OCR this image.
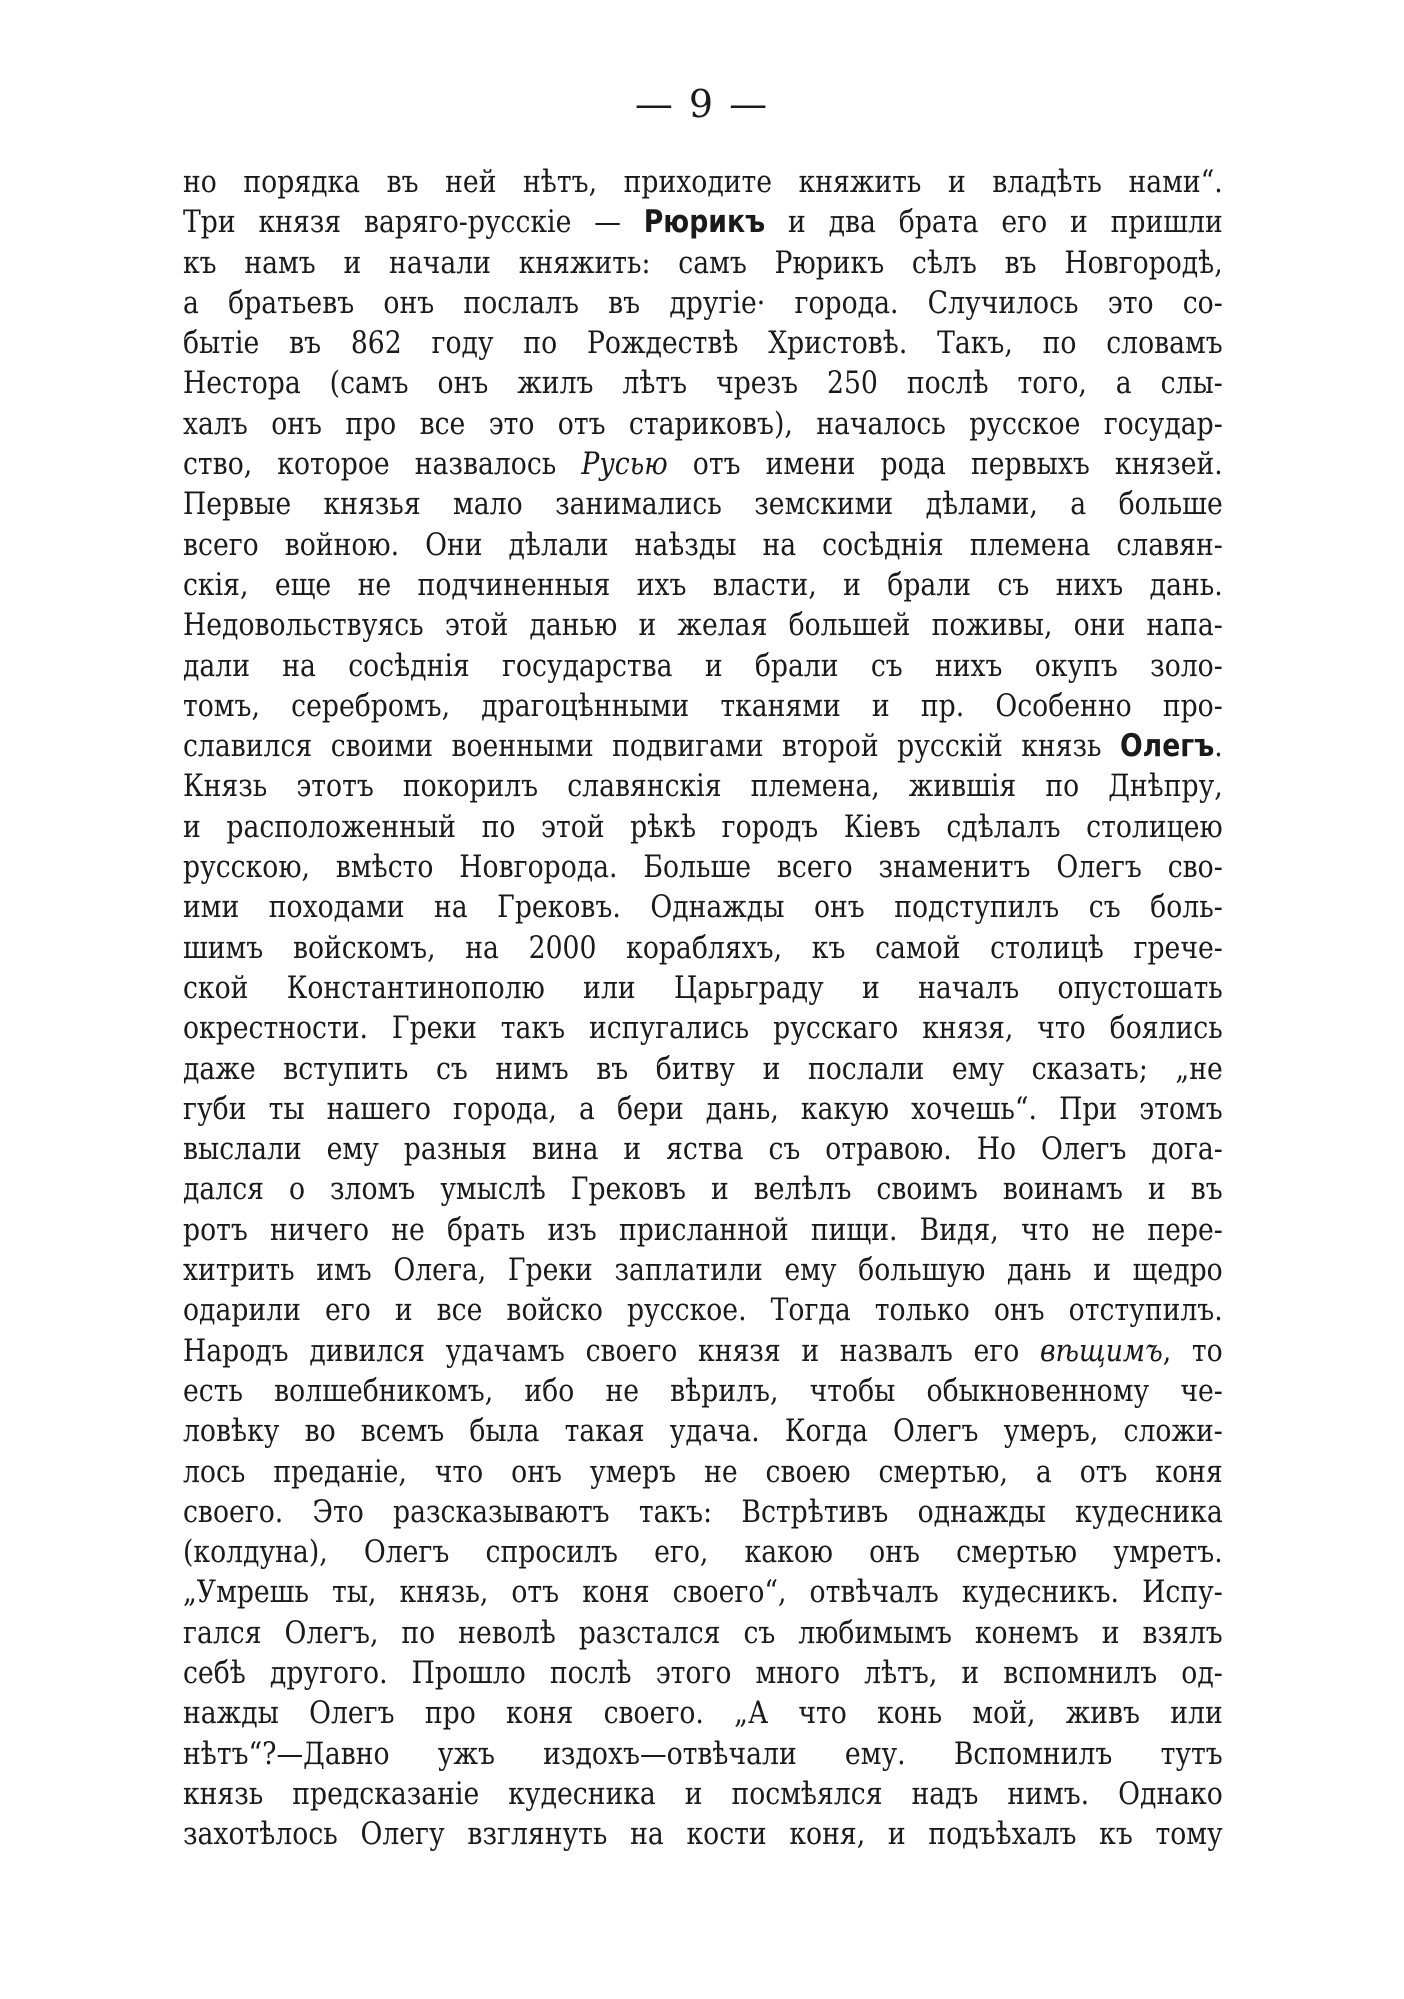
— 9 —
но порядка въ ней нѣтъ, приходите княжить и владѣть нами“.
Три князя варяго-русскіе — Рюрикъ и два брата его и пришли
къ намъ и начали княжить: самъ Рюрикъ сѣлъ въ Новгородѣ,
а братьевъ онъ послалъ въ другіе· города. Случилось это со-
бытіе въ 862 году по Рождествѣ Христовѣ. Такъ, по словамъ
Нестора (самъ онъ жилъ лѣтъ чрезъ 250 послѣ того, а слы-
халъ онъ про все это отъ стариковъ), началось русское государ-
ство, которое назвалось Русью отъ имени рода первыхъ князей.
Первые князья мало занимались земскими дѣлами, а больше
всего войною. Они дѣлали наѣзды на сосѣднія племена славян-
скія, еще не подчиненныя ихъ власти, и брали съ нихъ дань.
Недовольствуясь этой данью и желая большей поживы, они напа-
дали на сосѣднія государства и брали съ нихъ окупъ золо-
томъ, серебромъ, драгоцѣнными тканями и пр. Особенно про-
славился своими военными подвигами второй русскій князь Олегъ.
Князь этотъ покорилъ славянскія племена, жившія по Днѣпру,
и расположенный по этой рѣкѣ городъ Кіевъ сдѣлалъ столицею
русскою, вмѣсто Новгорода. Больше всего знаменитъ Олегъ сво-
ими походами на Грековъ. Однажды онъ подступилъ съ боль-
шимъ войскомъ, на 2000 корабляхъ, къ самой столицѣ грече-
ской Константинополю или Царьграду и началъ опустошать
окрестности. Греки такъ испугались русскаго князя, что боялись
даже вступить съ нимъ въ битву и послали ему сказать; „не
губи ты нашего города, а бери дань, какую хочешь“. При этомъ
выслали ему разныя вина и яства съ отравою. Но Олегъ дога-
дался о зломъ умыслѣ Грековъ и велѣлъ своимъ воинамъ и въ
ротъ ничего не брать изъ присланной пищи. Видя, что не пере-
хитрить имъ Олега, Греки заплатили ему большую дань и щедро
одарили его и все войско русское. Тогда только онъ отступилъ.
Народъ дивился удачамъ своего князя и назвалъ его вѣщимъ, то
есть волшебникомъ, ибо не вѣрилъ, чтобы обыкновенному че-
ловѣку во всемъ была такая удача. Когда Олегъ умеръ, сложи-
лось преданіе, что онъ умеръ не своею смертью, а отъ коня
своего. Это разсказываютъ такъ: Встрѣтивъ однажды кудесника
(колдуна), Олегъ спросилъ его, какою онъ смертью умретъ.
„Умрешь ты, князь, отъ коня своего“, отвѣчалъ кудесникъ. Испу-
гался Олегъ, по неволѣ разстался съ любимымъ конемъ и взялъ
себѣ другого. Прошло послѣ этого много лѣтъ, и вспомнилъ од-
нажды Олегъ про коня своего. „А что конь мой, живъ или
нѣтъ“?—Давно ужъ издохъ—отвѣчали ему. Вспомнилъ тутъ
князь предсказаніе кудесника и посмѣялся надъ нимъ. Однако
захотѣлось Олегу взглянуть на кости коня, и подъѣхалъ къ тому
